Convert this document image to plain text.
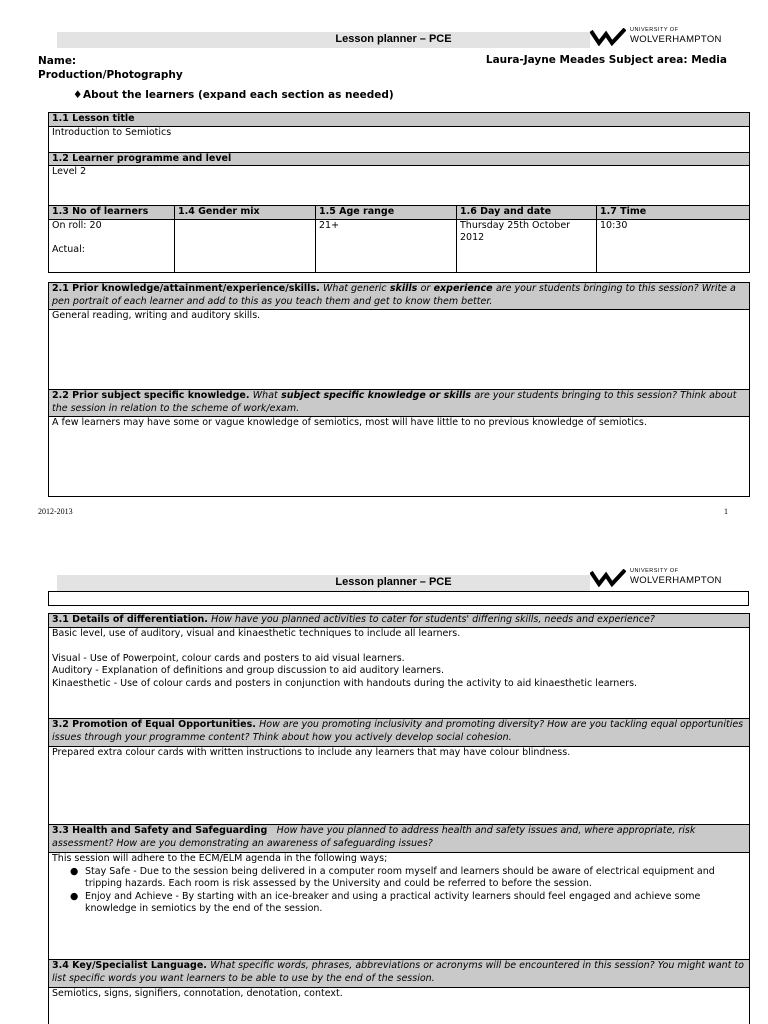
Lesson planner – PCE
UNIVERSITY OF
WOLVERHAMPTON
Name:
Production/Photography
Laura-Jayne Meades Subject area: Media
♦About the learners (expand each section as needed)
1.1 Lesson title				
Introduction to Semiotics				
1.2 Learner programme and level				
Level 2				
1.3 No of learners	1.4 Gender mix	1.5 Age range	1.6 Day and date	1.7 Time

On roll: 20
Actual:		21+	Thursday 25th October 2012	10:30
2.1 Prior knowledge/attainment/experience/skills. What generic skills or experience are your students bringing to this session? Write a pen portrait of each learner and add to this as you teach them and get to know them better.
General reading, writing and auditory skills.
2.2 Prior subject specific knowledge. What subject specific knowledge or skills are your students bringing to this session? Think about the session in relation to the scheme of work/exam.
A few learners may have some or vague knowledge of semiotics, most will have little to no previous knowledge of semiotics.
2012-2013	1
Lesson planner – PCE
UNIVERSITY OF
WOLVERHAMPTON
3.1 Details of differentiation. How have you planned activities to cater for students' differing skills, needs and experience?

Basic level, use of auditory, visual and kinaesthetic techniques to include all learners.
Visual - Use of Powerpoint, colour cards and posters to aid visual learners.
Auditory - Explanation of definitions and group discussion to aid auditory learners.
Kinaesthetic - Use of colour cards and posters in conjunction with handouts during the activity to aid kinaesthetic learners.

3.2 Promotion of Equal Opportunities. How are you promoting inclusivity and promoting diversity? How are you tackling equal opportunities issues through your programme content? Think about how you actively develop social cohesion.
Prepared extra colour cards with written instructions to include any learners that may have colour blindness.
3.3 Health and Safety and Safeguarding How have you planned to address health and safety issues and, where appropriate, risk assessment? How are you demonstrating an awareness of safeguarding issues?

This session will adhere to the ECM/ELM agenda in the following ways;
● Stay Safe - Due to the session being delivered in a computer room myself and learners should be aware of electrical equipment and tripping hazards. Each room is risk assessed by the University and could be referred to before the session.
● Enjoy and Achieve - By starting with an ice-breaker and using a practical activity learners should feel engaged and achieve some knowledge in semiotics by the end of the session.

3.4 Key/Specialist Language. What specific words, phrases, abbreviations or acronyms will be encountered in this session? You might want to list specific words you want learners to be able to use by the end of the session.
Semiotics, signs, signifiers, connotation, denotation, context.
